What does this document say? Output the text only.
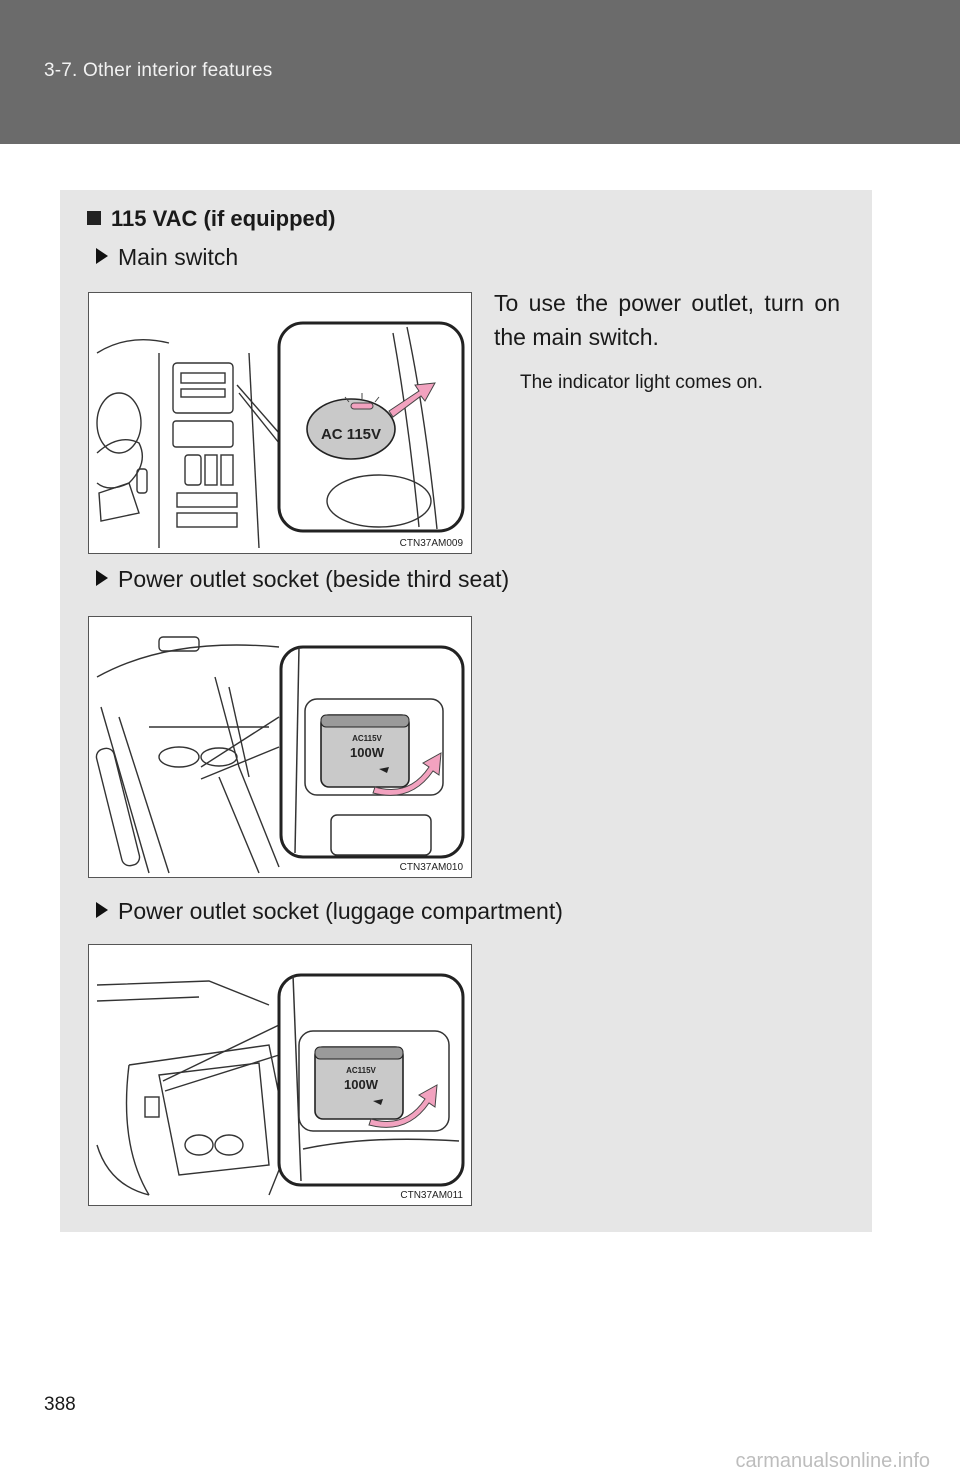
3-7. Other interior features
115 VAC (if equipped)
Main switch
To use the power outlet, turn on the main switch.
The indicator light comes on.
AC 115V
CTN37AM009
Power outlet socket (beside third seat)
AC115V
100W
CTN37AM010
Power outlet socket (luggage compartment)
AC115V
100W
CTN37AM011
388
carmanualsonline.info
